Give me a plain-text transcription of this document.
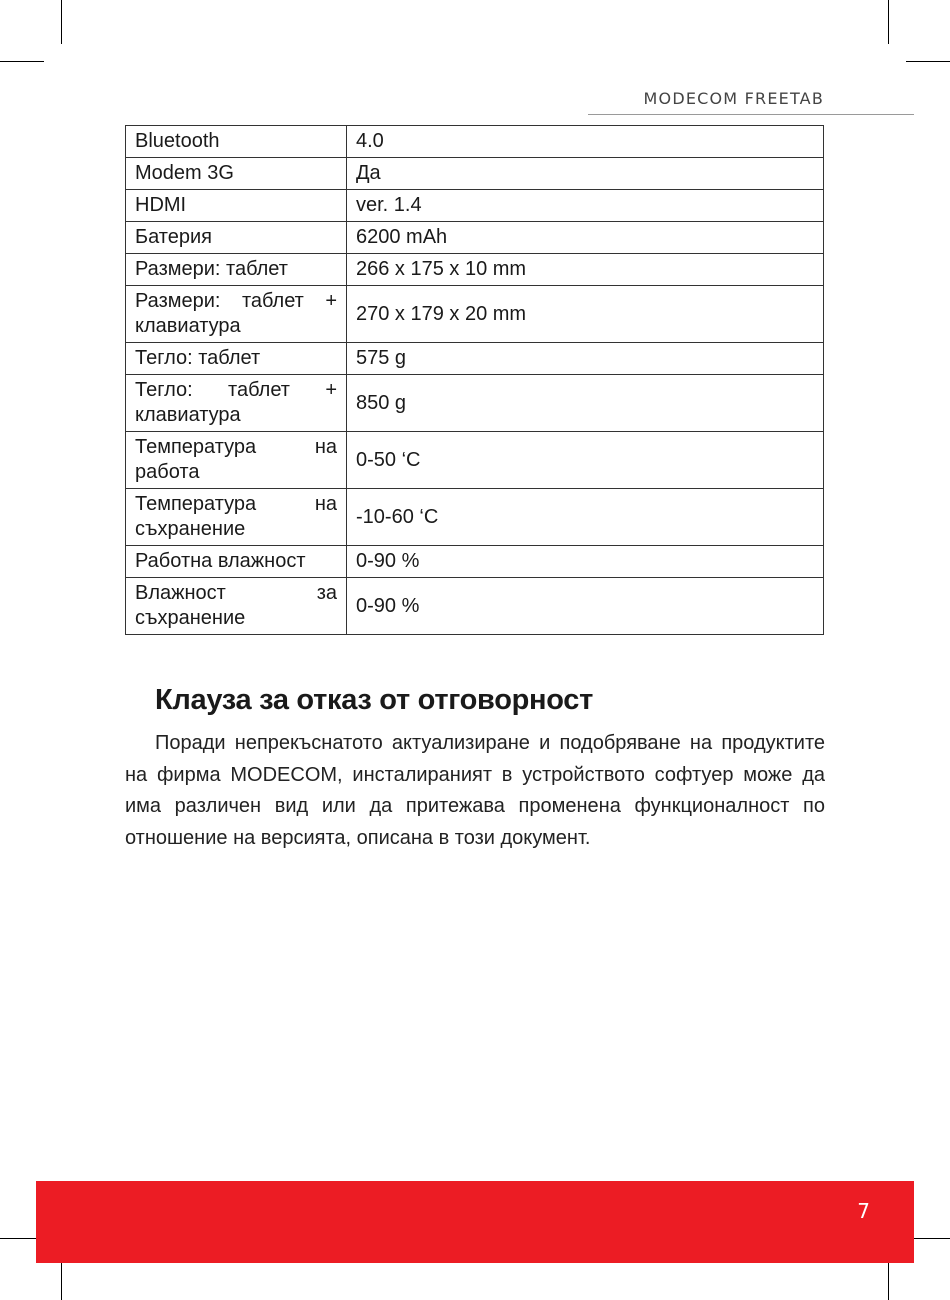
MODECOM FREETAB
Bluetooth	4.0
Modem 3G	Да
HDMI	ver. 1.4
Батерия	6200 mAh
Размери: таблет	266 x 175 x 10 mm
Размери: таблет + клавиатура	270 x 179 x 20 mm
Тегло: таблет	575 g
Тегло: таблет + клавиатура	850 g
Температура на работа	0-50 ‘C
Температура на съхранение	-10-60 ‘C
Работна влажност	0-90 %
Влажност за съхранение	0-90 %
Клауза за отказ от отговорност

Поради непрекъснатото актуализиране и подобряване на продуктите на фирма MODECOM, инсталираният в устройството софтуер може да има различен вид или да притежава променена функционалност по отношение на версията, описана в този документ.

7
